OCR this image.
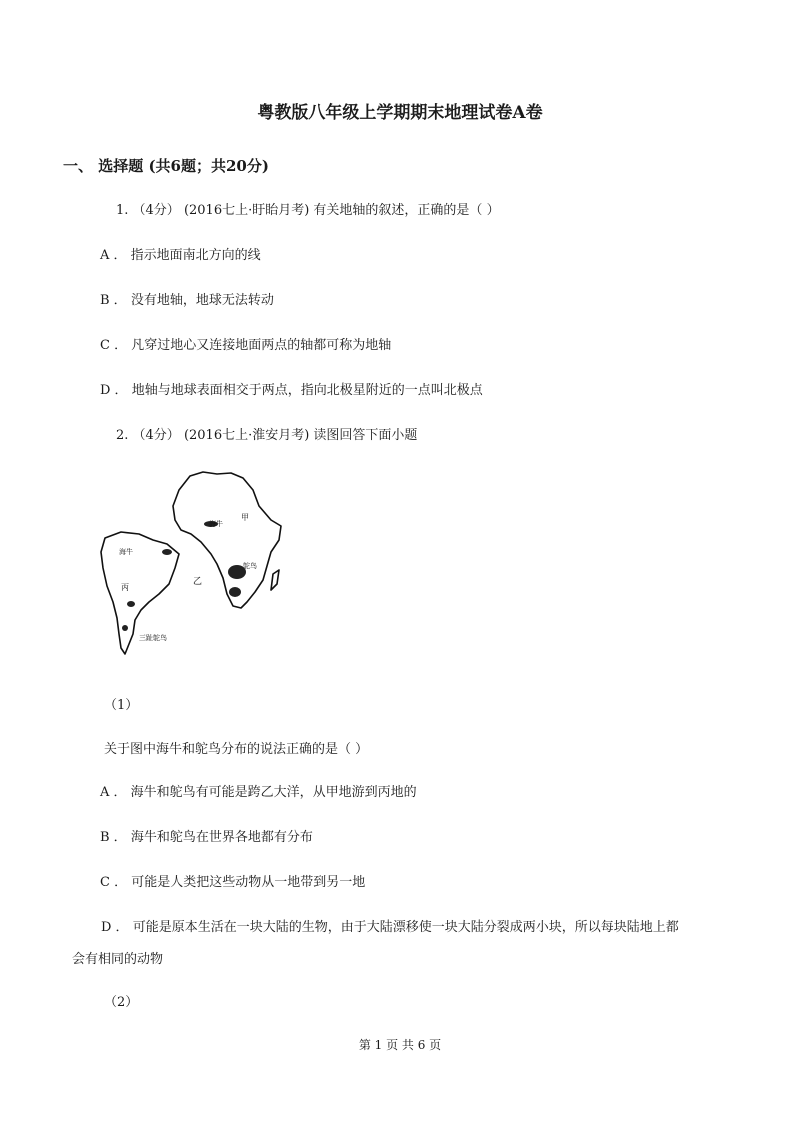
粤教版八年级上学期期末地理试卷A卷
一、 选择题 (共6题；共20分)
1. （4分） (2016七上·盱眙月考) 有关地轴的叙述，正确的是（ ）
A ． 指示地面南北方向的线
B ． 没有地轴，地球无法转动
C ． 凡穿过地心又连接地面两点的轴都可称为地轴
D ． 地轴与地球表面相交于两点，指向北极星附近的一点叫北极点
2. （4分） (2016七上·淮安月考) 读图回答下面小题
海牛
甲
鸵鸟
乙
海牛
丙
三趾鸵鸟
（1）
关于图中海牛和鸵鸟分布的说法正确的是（ ）
A ． 海牛和鸵鸟有可能是跨乙大洋，从甲地游到丙地的
B ． 海牛和鸵鸟在世界各地都有分布
C ． 可能是人类把这些动物从一地带到另一地
D ． 可能是原本生活在一块大陆的生物，由于大陆漂移使一块大陆分裂成两小块，所以每块陆地上都
会有相同的动物
（2）
第 1 页 共 6 页
